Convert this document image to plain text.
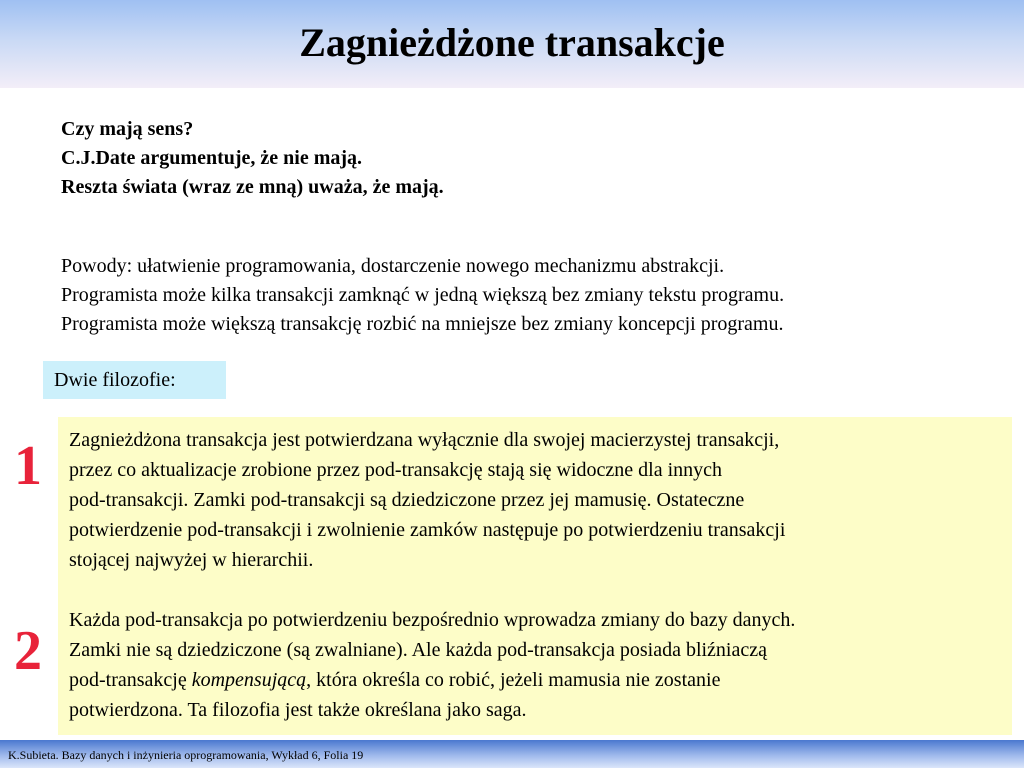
Zagnieżdżone transakcje
Czy mają sens?
C.J.Date argumentuje, że nie mają.
Reszta świata (wraz ze mną) uważa, że mają.
Powody: ułatwienie programowania, dostarczenie nowego mechanizmu abstrakcji.
Programista może kilka transakcji zamknąć w jedną większą bez zmiany tekstu programu.
Programista może większą transakcję rozbić na mniejsze bez zmiany koncepcji programu.
Dwie filozofie:

Zagnieżdżona transakcja jest potwierdzana wyłącznie dla swojej macierzystej transakcji,
przez co aktualizacje zrobione przez pod-transakcję stają się widoczne dla innych
pod-transakcji. Zamki pod-transakcji są dziedziczone przez jej mamusię. Ostateczne
potwierdzenie pod-transakcji i zwolnienie zamków następuje po potwierdzeniu transakcji
stojącej najwyżej w hierarchii.

Każda pod-transakcja po potwierdzeniu bezpośrednio wprowadza zmiany do bazy danych.
Zamki nie są dziedziczone (są zwalniane). Ale każda pod-transakcja posiada bliźniaczą
pod-transakcję kompensującą, która określa co robić, jeżeli mamusia nie zostanie
potwierdzona. Ta filozofia jest także określana jako saga.

1
2
K.Subieta. Bazy danych i inżynieria oprogramowania, Wykład 6, Folia 19
